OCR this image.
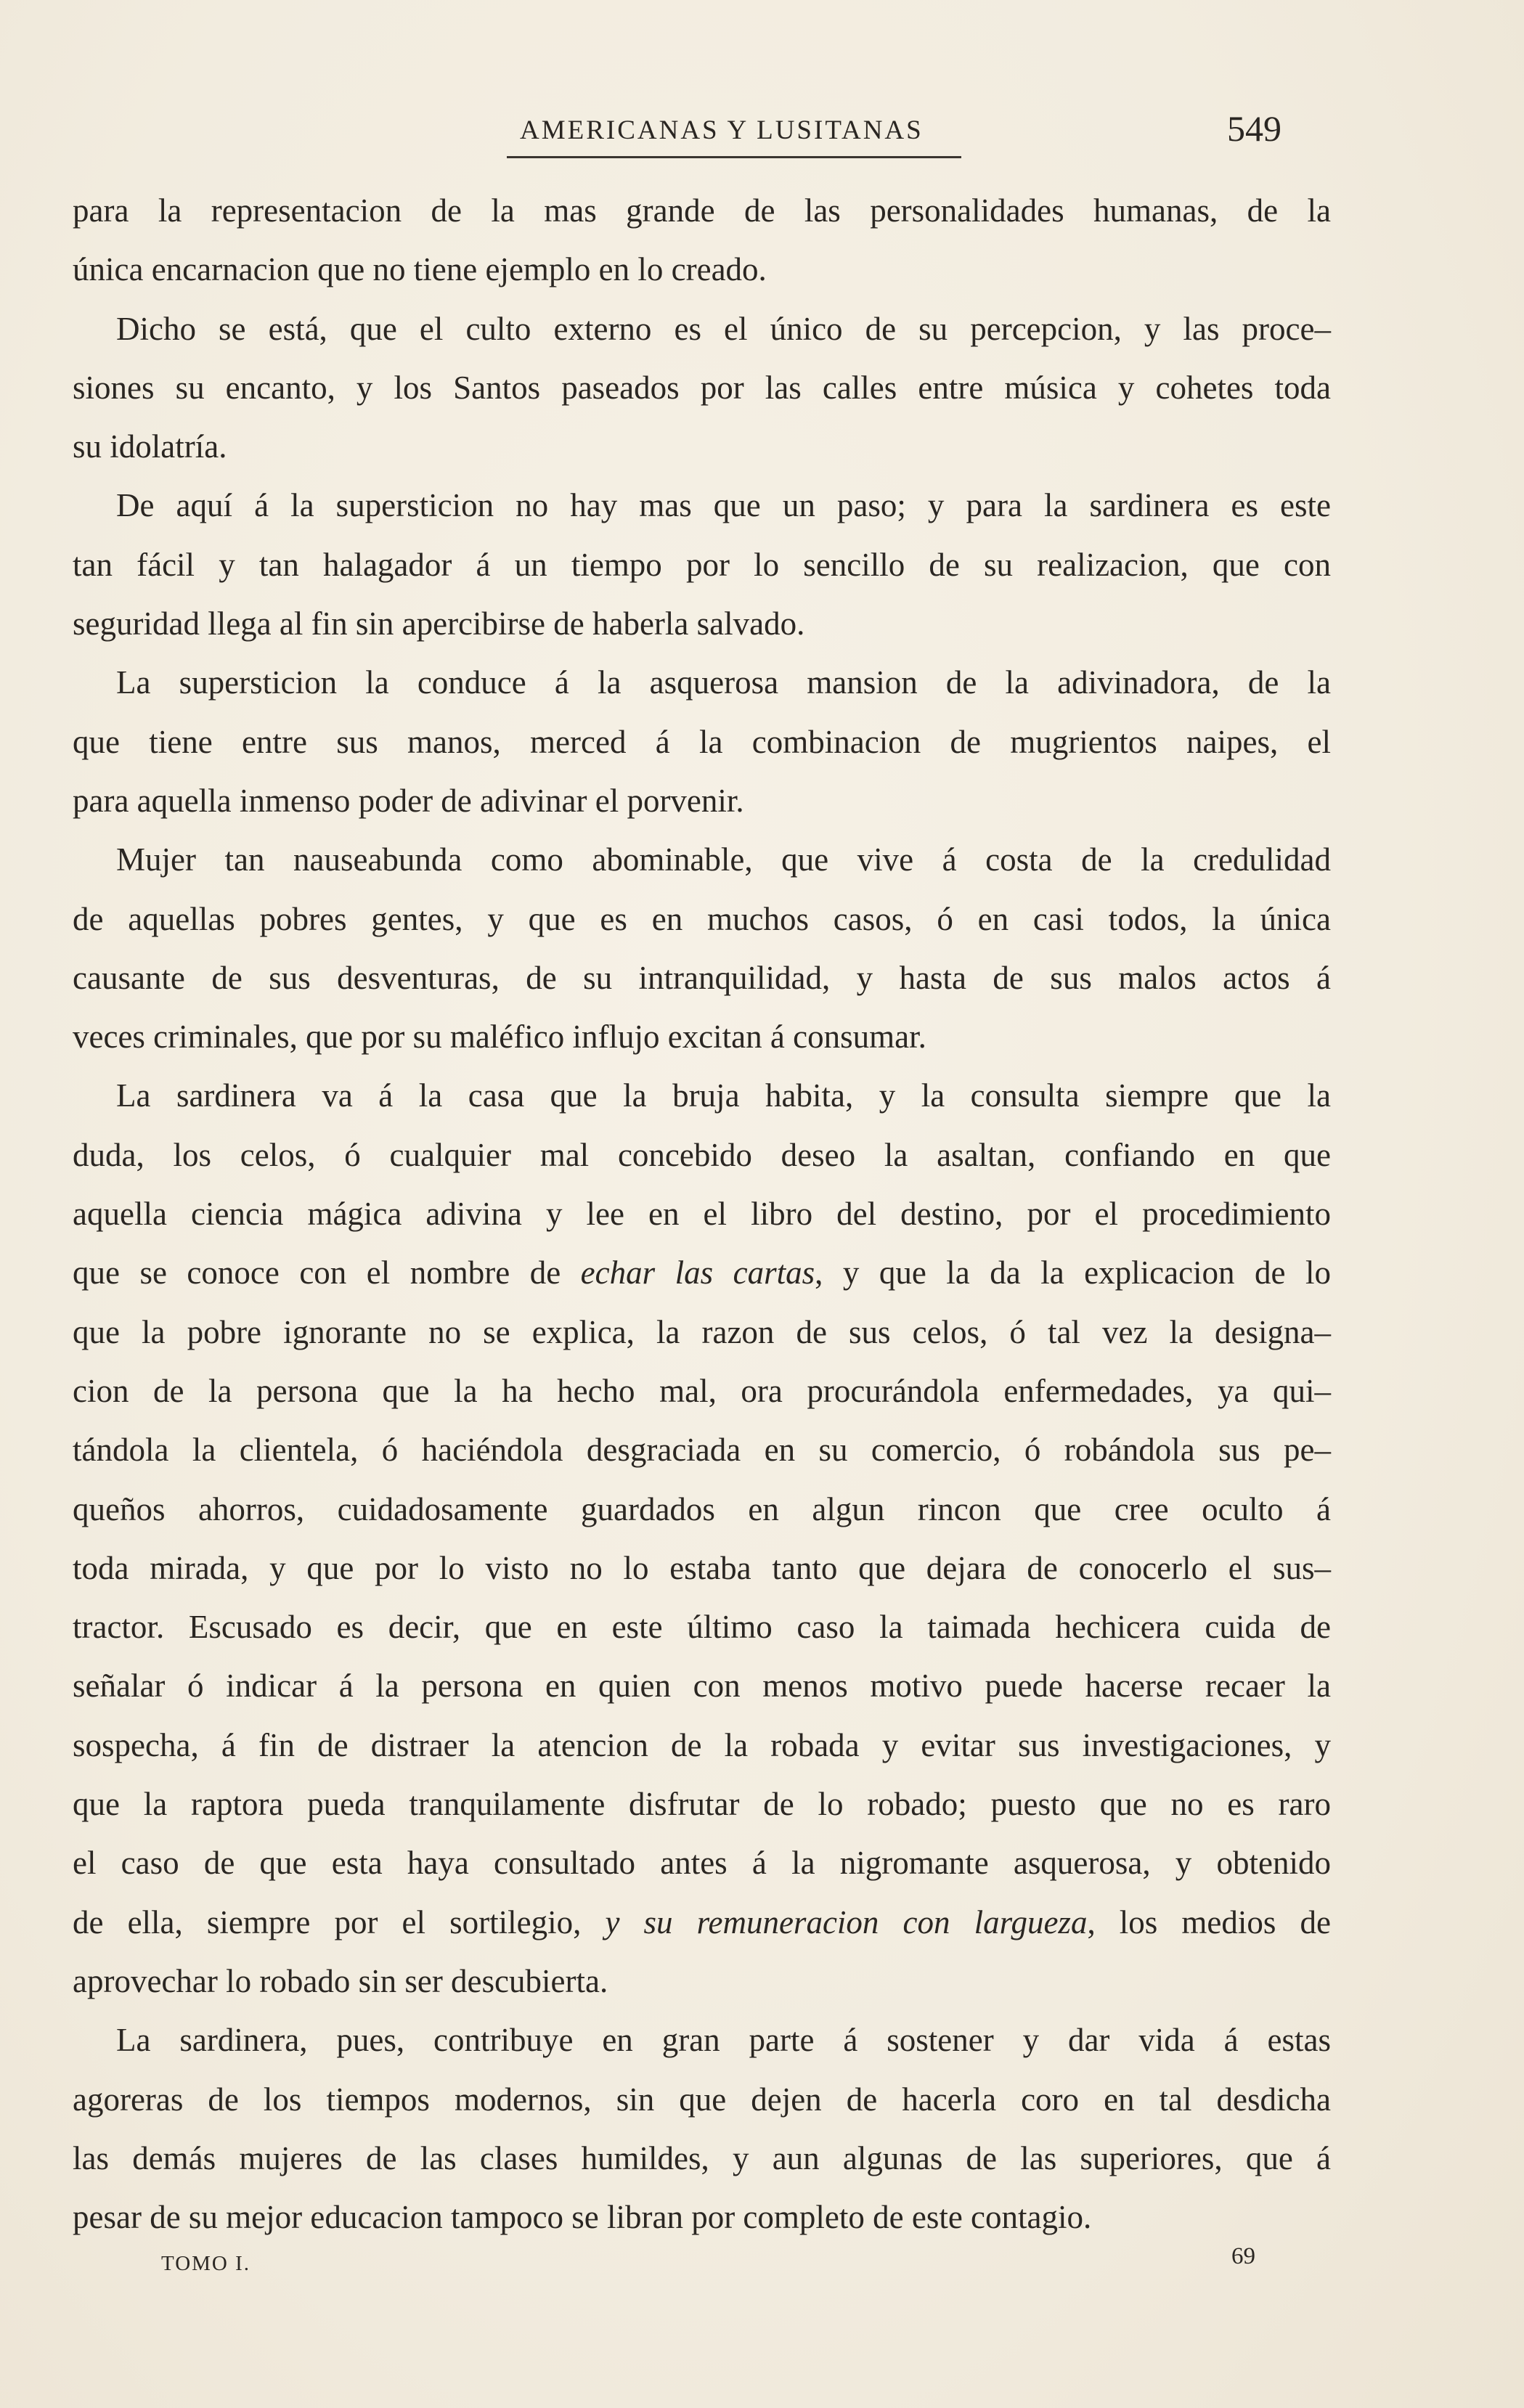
AMERICANAS Y LUSITANAS	549

para la representacion de la mas grande de las personalidades humanas, de la
única encarnacion que no tiene ejemplo en lo creado.

Dicho se está, que el culto externo es el único de su percepcion, y las proce–
siones su encanto, y los Santos paseados por las calles entre música y cohetes toda
su idolatría.

De aquí á la supersticion no hay mas que un paso; y para la sardinera es este
tan fácil y tan halagador á un tiempo por lo sencillo de su realizacion, que con
seguridad llega al fin sin apercibirse de haberla salvado.

La supersticion la conduce á la asquerosa mansion de la adivinadora, de la
que tiene entre sus manos, merced á la combinacion de mugrientos naipes, el
para aquella inmenso poder de adivinar el porvenir.

Mujer tan nauseabunda como abominable, que vive á costa de la credulidad
de aquellas pobres gentes, y que es en muchos casos, ó en casi todos, la única
causante de sus desventuras, de su intranquilidad, y hasta de sus malos actos á
veces criminales, que por su maléfico influjo excitan á consumar.

La sardinera va á la casa que la bruja habita, y la consulta siempre que la
duda, los celos, ó cualquier mal concebido deseo la asaltan, confiando en que
aquella ciencia mágica adivina y lee en el libro del destino, por el procedimiento
que se conoce con el nombre de echar las cartas, y que la da la explicacion de lo
que la pobre ignorante no se explica, la razon de sus celos, ó tal vez la designa–
cion de la persona que la ha hecho mal, ora procurándola enfermedades, ya qui–
tándola la clientela, ó haciéndola desgraciada en su comercio, ó robándola sus pe–
queños ahorros, cuidadosamente guardados en algun rincon que cree oculto á
toda mirada, y que por lo visto no lo estaba tanto que dejara de conocerlo el sus–
tractor. Escusado es decir, que en este último caso la taimada hechicera cuida de
señalar ó indicar á la persona en quien con menos motivo puede hacerse recaer la
sospecha, á fin de distraer la atencion de la robada y evitar sus investigaciones, y
que la raptora pueda tranquilamente disfrutar de lo robado; puesto que no es raro
el caso de que esta haya consultado antes á la nigromante asquerosa, y obtenido
de ella, siempre por el sortilegio, y su remuneracion con largueza, los medios de
aprovechar lo robado sin ser descubierta.

La sardinera, pues, contribuye en gran parte á sostener y dar vida á estas
agoreras de los tiempos modernos, sin que dejen de hacerla coro en tal desdicha
las demás mujeres de las clases humildes, y aun algunas de las superiores, que á
pesar de su mejor educacion tampoco se libran por completo de este contagio.

TOMO I.	69
